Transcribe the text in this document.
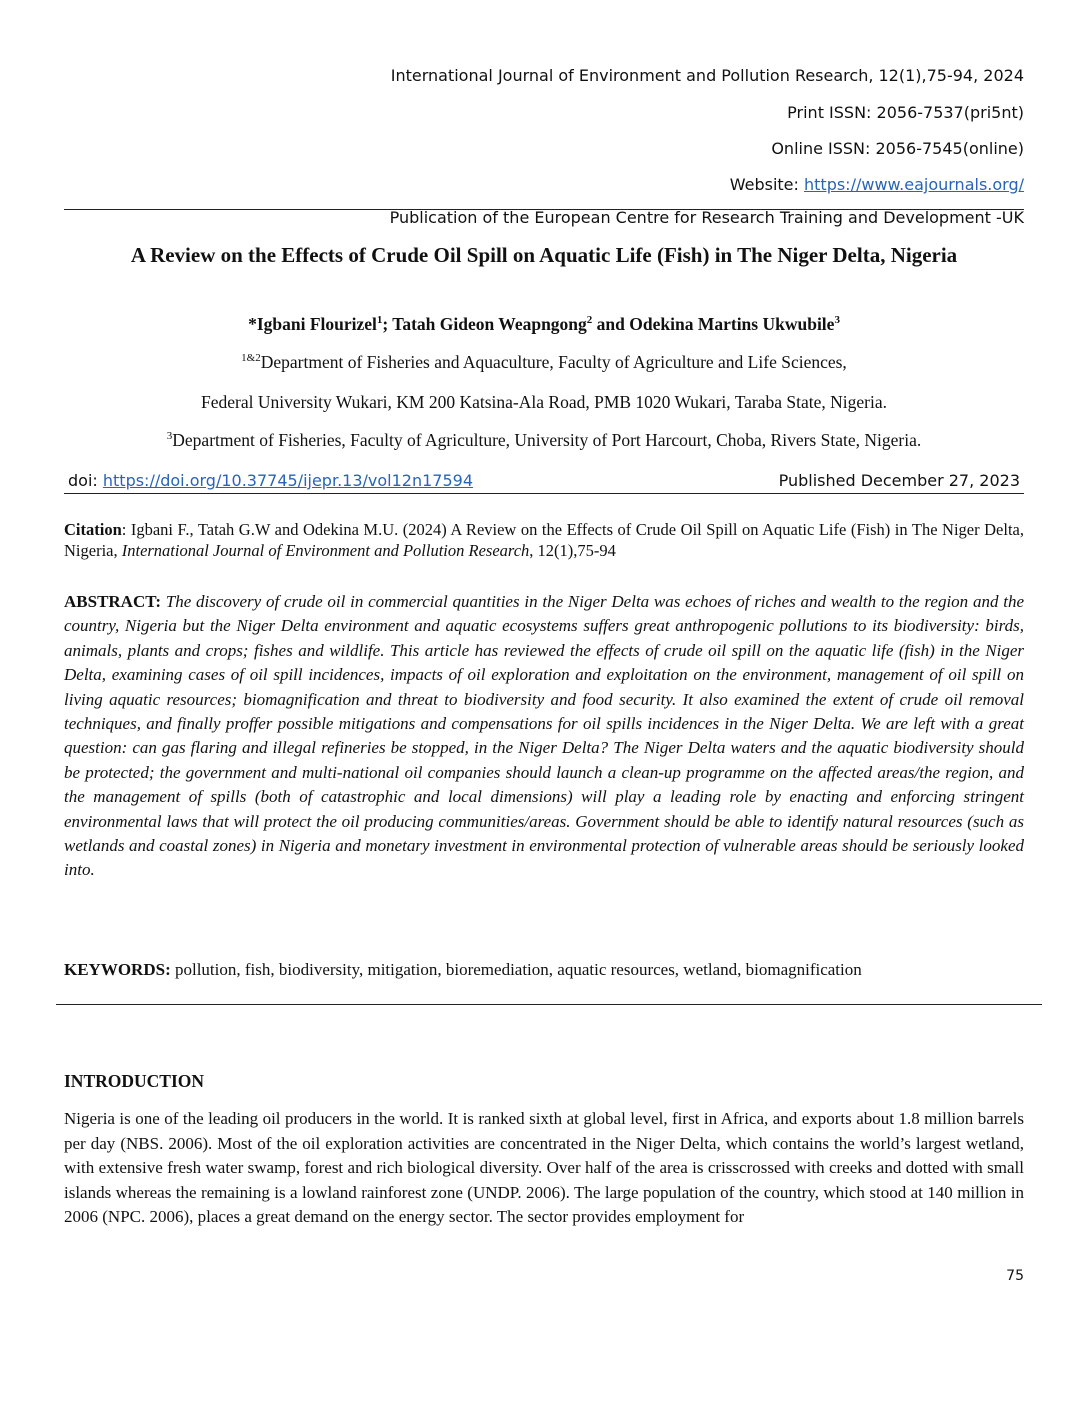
International Journal of Environment and Pollution Research, 12(1),75-94, 2024
Print ISSN: 2056-7537(pri5nt)
Online ISSN: 2056-7545(online)
Website: https://www.eajournals.org/
Publication of the European Centre for Research Training and Development -UK
A Review on the Effects of Crude Oil Spill on Aquatic Life (Fish) in The Niger Delta, Nigeria
*Igbani Flourizel$^1$; Tatah Gideon Weapngong$^2$ and Odekina Martins Ukwubile$^3$
$^{1\&2}$Department of Fisheries and Aquaculture, Faculty of Agriculture and Life Sciences,
Federal University Wukari, KM 200 Katsina-Ala Road, PMB 1020 Wukari, Taraba State, Nigeria.
$^3$Department of Fisheries, Faculty of Agriculture, University of Port Harcourt, Choba, Rivers State, Nigeria.
doi: https://doi.org/10.37745/ijepr.13/vol12n17594	Published December 27, 2023
Citation: Igbani F., Tatah G.W and Odekina M.U. (2024) A Review on the Effects of Crude Oil Spill on Aquatic Life (Fish) in The Niger Delta, Nigeria, International Journal of Environment and Pollution Research, 12(1),75-94
ABSTRACT: The discovery of crude oil in commercial quantities in the Niger Delta was echoes of riches and wealth to the region and the country, Nigeria but the Niger Delta environment and aquatic ecosystems suffers great anthropogenic pollutions to its biodiversity: birds, animals, plants and crops; fishes and wildlife. This article has reviewed the effects of crude oil spill on the aquatic life (fish) in the Niger Delta, examining cases of oil spill incidences, impacts of oil exploration and exploitation on the environment, management of oil spill on living aquatic resources; biomagnification and threat to biodiversity and food security. It also examined the extent of crude oil removal techniques, and finally proffer possible mitigations and compensations for oil spills incidences in the Niger Delta. We are left with a great question: can gas flaring and illegal refineries be stopped, in the Niger Delta? The Niger Delta waters and the aquatic biodiversity should be protected; the government and multi-national oil companies should launch a clean-up programme on the affected areas/the region, and the management of spills (both of catastrophic and local dimensions) will play a leading role by enacting and enforcing stringent environmental laws that will protect the oil producing communities/areas. Government should be able to identify natural resources (such as wetlands and coastal zones) in Nigeria and monetary investment in environmental protection of vulnerable areas should be seriously looked into.
KEYWORDS: pollution, fish, biodiversity, mitigation, bioremediation, aquatic resources, wetland, biomagnification
INTRODUCTION
Nigeria is one of the leading oil producers in the world. It is ranked sixth at global level, first in Africa, and exports about 1.8 million barrels per day (NBS. 2006). Most of the oil exploration activities are concentrated in the Niger Delta, which contains the world’s largest wetland, with extensive fresh water swamp, forest and rich biological diversity. Over half of the area is crisscrossed with creeks and dotted with small islands whereas the remaining is a lowland rainforest zone (UNDP. 2006). The large population of the country, which stood at 140 million in 2006 (NPC. 2006), places a great demand on the energy sector. The sector provides employment for
75
